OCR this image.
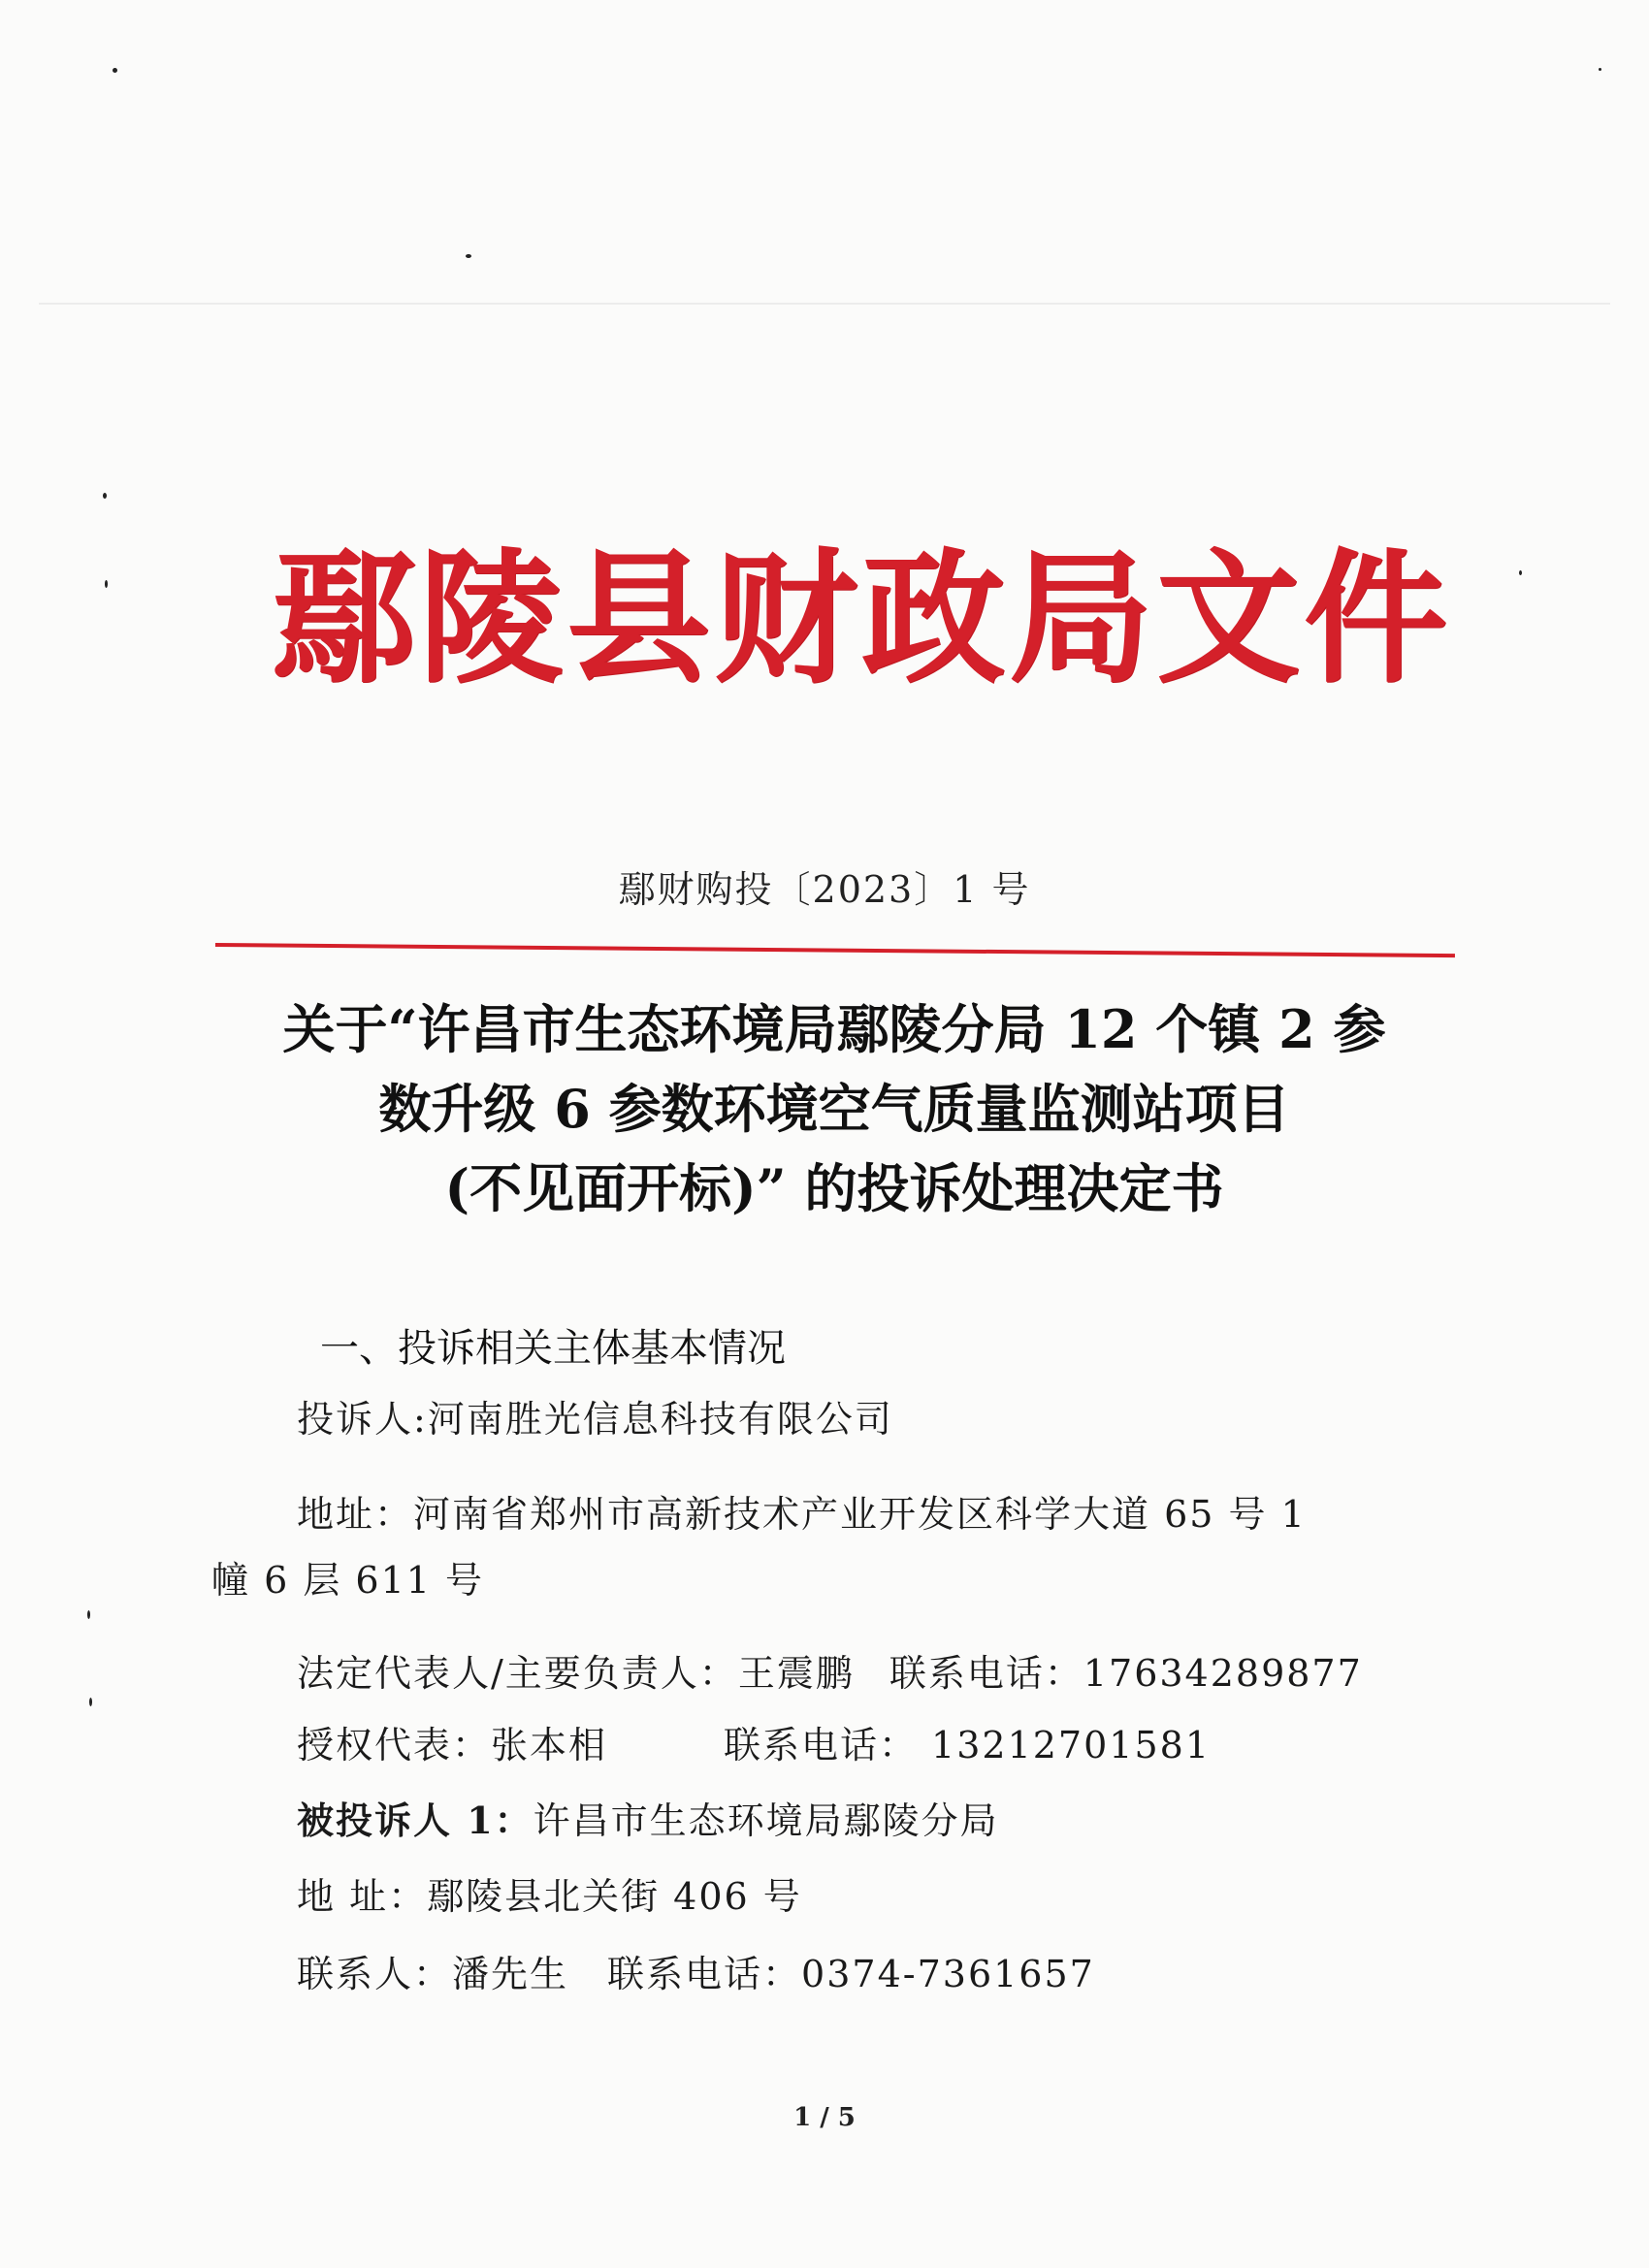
鄢陵县财政局文件
鄢财购投〔2023〕1 号
关于“许昌市生态环境局鄢陵分局 12 个镇 2 参
数升级 6 参数环境空气质量监测站项目
(不见面开标)” 的投诉处理决定书
一、投诉相关主体基本情况
投诉人:河南胜光信息科技有限公司
地址：河南省郑州市高新技术产业开发区科学大道 65 号 1
幢 6 层 611 号
法定代表人/主要负责人：王震鹏 联系电话：17634289877
授权代表：张本相	联系电话： 13212701581
被投诉人 1：许昌市生态环境局鄢陵分局
地 址：鄢陵县北关街 406 号
联系人：潘先生 联系电话：0374-7361657
1 / 5
